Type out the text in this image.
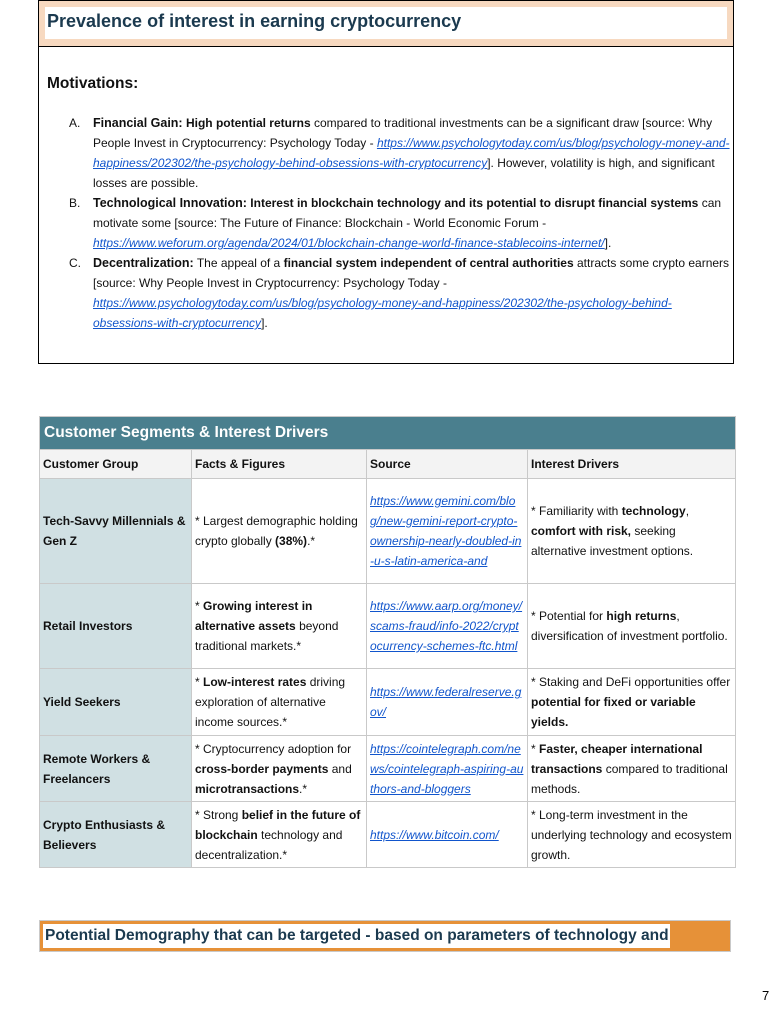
Prevalence of interest in earning cryptocurrency
Motivations:
A. Financial Gain: High potential returns compared to traditional investments can be a significant draw [source: Why People Invest in Cryptocurrency: Psychology Today - https://www.psychologytoday.com/us/blog/psychology-money-and-happiness/202302/the-psychology-behind-obsessions-with-cryptocurrency]. However, volatility is high, and significant losses are possible.
B. Technological Innovation: Interest in blockchain technology and its potential to disrupt financial systems can motivate some [source: The Future of Finance: Blockchain - World Economic Forum - https://www.weforum.org/agenda/2024/01/blockchain-change-world-finance-stablecoins-internet/].
C. Decentralization: The appeal of a financial system independent of central authorities attracts some crypto earners [source: Why People Invest in Cryptocurrency: Psychology Today - https://www.psychologytoday.com/us/blog/psychology-money-and-happiness/202302/the-psychology-behind-obsessions-with-cryptocurrency].
Customer Segments & Interest Drivers			
Customer Group	Facts & Figures	Source	Interest Drivers
Tech-Savvy Millennials & Gen Z	* Largest demographic holding crypto globally (38%).*	https://www.gemini.com/blog/new-gemini-report-crypto-ownership-nearly-doubled-in-u-s-latin-america-and	* Familiarity with technology, comfort with risk, seeking alternative investment options.
Retail Investors	* Growing interest in alternative assets beyond traditional markets.*	https://www.aarp.org/money/scams-fraud/info-2022/cryptocurrency-schemes-ftc.html	* Potential for high returns, diversification of investment portfolio.
Yield Seekers	* Low-interest rates driving exploration of alternative income sources.*	https://www.federalreserve.gov/	* Staking and DeFi opportunities offer potential for fixed or variable yields.
Remote Workers & Freelancers	* Cryptocurrency adoption for cross-border payments and microtransactions.*	https://cointelegraph.com/news/cointelegraph-aspiring-authors-and-bloggers	* Faster, cheaper international transactions compared to traditional methods.
Crypto Enthusiasts & Believers	* Strong belief in the future of blockchain technology and decentralization.*	https://www.bitcoin.com/	* Long-term investment in the underlying technology and ecosystem growth.
Potential Demography that can be targeted - based on parameters of technology and
7
